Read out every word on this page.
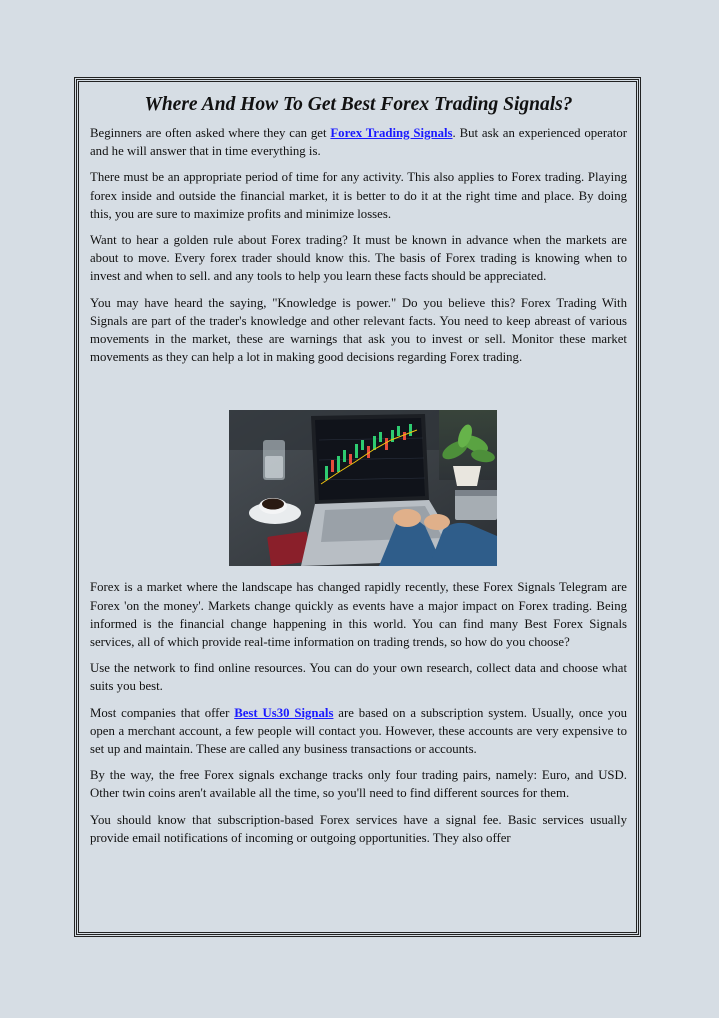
Where And How To Get Best Forex Trading Signals?

Beginners are often asked where they can get Forex Trading Signals. But ask an experienced operator and he will answer that in time everything is.

There must be an appropriate period of time for any activity. This also applies to Forex trading. Playing forex inside and outside the financial market, it is better to do it at the right time and place. By doing this, you are sure to maximize profits and minimize losses.

Want to hear a golden rule about Forex trading? It must be known in advance when the markets are about to move. Every forex trader should know this. The basis of Forex trading is knowing when to invest and when to sell. and any tools to help you learn these facts should be appreciated.

You may have heard the saying, "Knowledge is power." Do you believe this? Forex Trading With Signals are part of the trader's knowledge and other relevant facts. You need to keep abreast of various movements in the market, these are warnings that ask you to invest or sell. Monitor these market movements as they can help a lot in making good decisions regarding Forex trading.

Forex is a market where the landscape has changed rapidly recently, these Forex Signals Telegram are Forex 'on the money'. Markets change quickly as events have a major impact on Forex trading. Being informed is the financial change happening in this world. You can find many Best Forex Signals services, all of which provide real-time information on trading trends, so how do you choose?

Use the network to find online resources. You can do your own research, collect data and choose what suits you best.

Most companies that offer Best Us30 Signals are based on a subscription system. Usually, once you open a merchant account, a few people will contact you. However, these accounts are very expensive to set up and maintain. These are called any business transactions or accounts.

By the way, the free Forex signals exchange tracks only four trading pairs, namely: Euro, and USD. Other twin coins aren't available all the time, so you'll need to find different sources for them.

You should know that subscription-based Forex services have a signal fee. Basic services usually provide email notifications of incoming or outgoing opportunities. They also offer
